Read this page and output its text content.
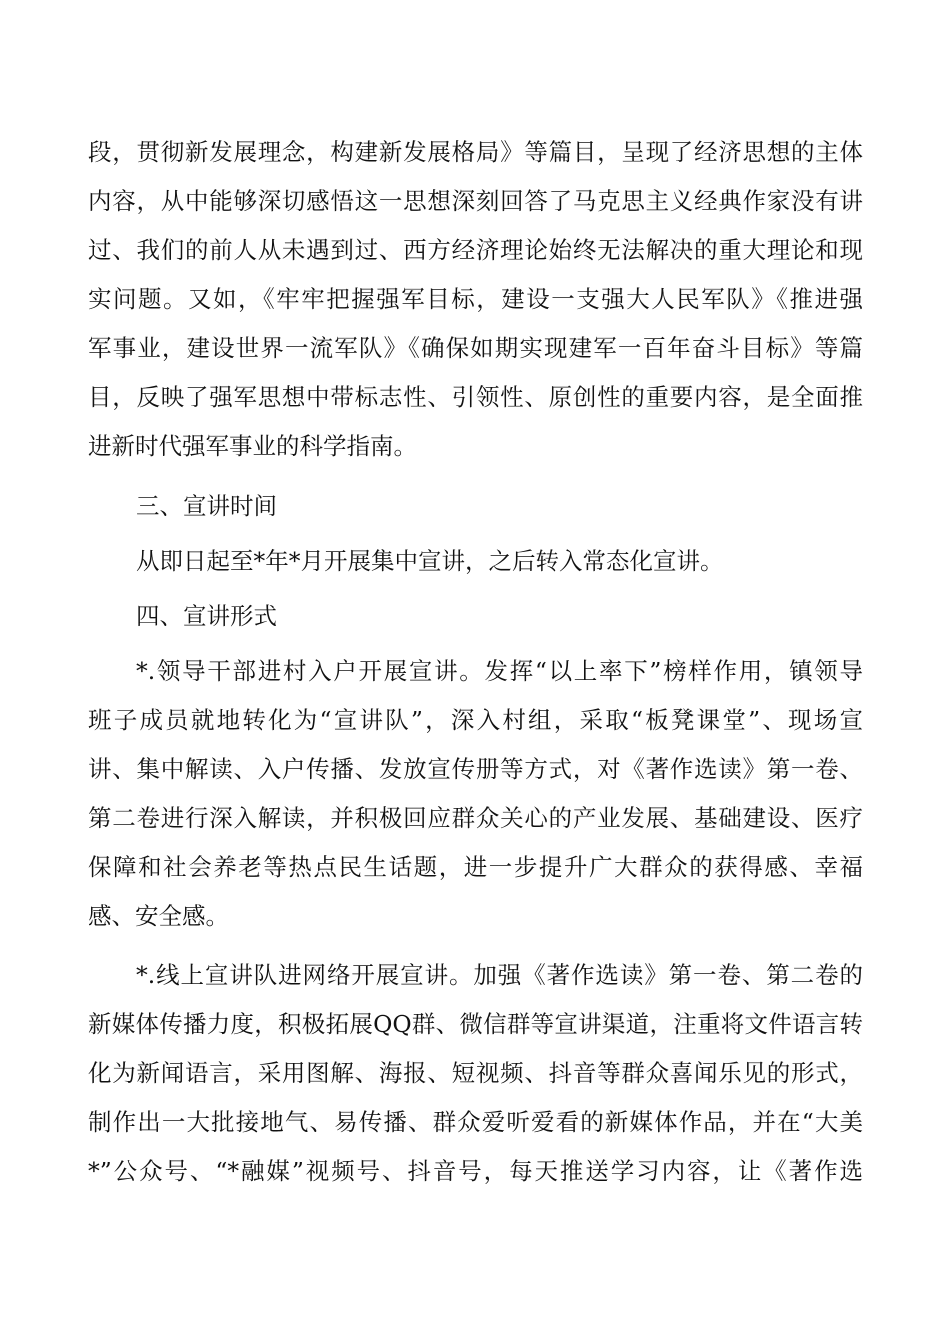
段，贯彻新发展理念，构建新发展格局》等篇目，呈现了经济思想的主体
内容，从中能够深切感悟这一思想深刻回答了马克思主义经典作家没有讲
过、我们的前人从未遇到过、西方经济理论始终无法解决的重大理论和现
实问题。又如，《牢牢把握强军目标，建设一支强大人民军队》《推进强
军事业，建设世界一流军队》《确保如期实现建军一百年奋斗目标》等篇
目，反映了强军思想中带标志性、引领性、原创性的重要内容，是全面推
进新时代强军事业的科学指南。
三、宣讲时间
从即日起至*年*月开展集中宣讲，之后转入常态化宣讲。
四、宣讲形式
*.领导干部进村入户开展宣讲。发挥“以上率下”榜样作用，镇领导
班子成员就地转化为“宣讲队”，深入村组，采取“板凳课堂”、现场宣
讲、集中解读、入户传播、发放宣传册等方式，对《著作选读》第一卷、
第二卷进行深入解读，并积极回应群众关心的产业发展、基础建设、医疗
保障和社会养老等热点民生话题，进一步提升广大群众的获得感、幸福
感、安全感。
*.线上宣讲队进网络开展宣讲。加强《著作选读》第一卷、第二卷的
新媒体传播力度，积极拓展QQ群、微信群等宣讲渠道，注重将文件语言转
化为新闻语言，采用图解、海报、短视频、抖音等群众喜闻乐见的形式，
制作出一大批接地气、易传播、群众爱听爱看的新媒体作品，并在“大美
*”公众号、“*融媒”视频号、抖音号，每天推送学习内容，让《著作选
